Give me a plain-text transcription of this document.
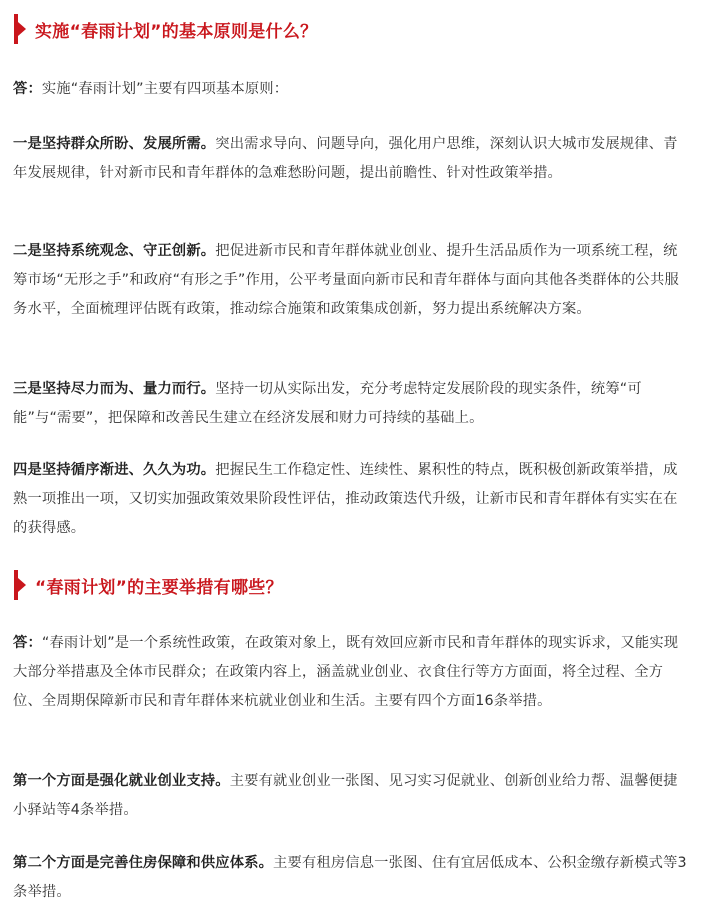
实施“春雨计划”的基本原则是什么？

答：实施“春雨计划”主要有四项基本原则：

一是坚持群众所盼、发展所需。突出需求导向、问题导向，强化用户思维，深刻认识大城市发展规律、青年发展规律，针对新市民和青年群体的急难愁盼问题，提出前瞻性、针对性政策举措。

二是坚持系统观念、守正创新。把促进新市民和青年群体就业创业、提升生活品质作为一项系统工程，统筹市场“无形之手”和政府“有形之手”作用，公平考量面向新市民和青年群体与面向其他各类群体的公共服务水平，全面梳理评估既有政策，推动综合施策和政策集成创新，努力提出系统解决方案。

三是坚持尽力而为、量力而行。坚持一切从实际出发，充分考虑特定发展阶段的现实条件，统筹“可能”与“需要”，把保障和改善民生建立在经济发展和财力可持续的基础上。

四是坚持循序渐进、久久为功。把握民生工作稳定性、连续性、累积性的特点，既积极创新政策举措，成熟一项推出一项，又切实加强政策效果阶段性评估，推动政策迭代升级，让新市民和青年群体有实实在在的获得感。

“春雨计划”的主要举措有哪些？

答：“春雨计划”是一个系统性政策，在政策对象上，既有效回应新市民和青年群体的现实诉求，又能实现大部分举措惠及全体市民群众；在政策内容上，涵盖就业创业、衣食住行等方方面面，将全过程、全方位、全周期保障新市民和青年群体来杭就业创业和生活。主要有四个方面16条举措。

第一个方面是强化就业创业支持。主要有就业创业一张图、见习实习促就业、创新创业给力帮、温馨便捷小驿站等4条举措。

第二个方面是完善住房保障和供应体系。主要有租房信息一张图、住有宜居低成本、公积金缴存新模式等3条举措。
